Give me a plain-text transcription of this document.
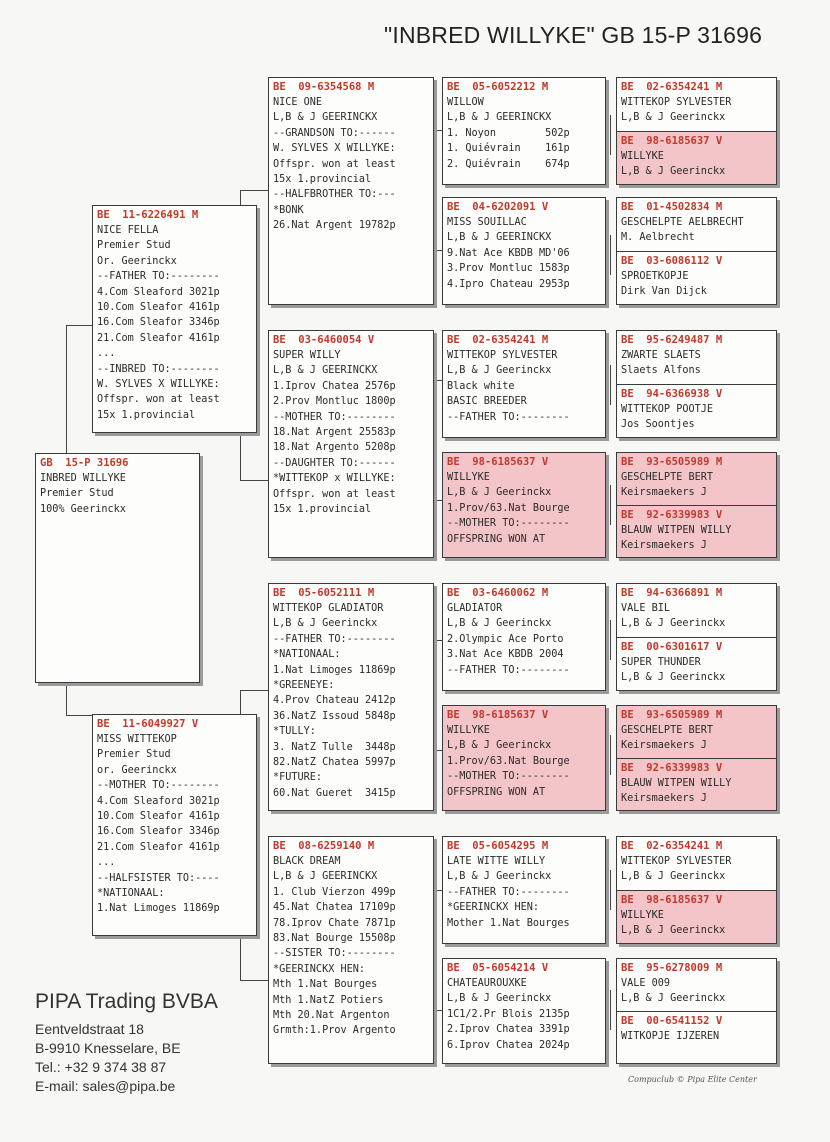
"INBRED WILLYKE" GB 15-P 31696
GB  15-P 31696
INBRED WILLYKE
Premier Stud
100% Geerinckx
BE  11-6226491 M
NICE FELLA
Premier Stud
Or. Geerinckx
--FATHER TO:--------
4.Com Sleaford 3021p
10.Com Sleafor 4161p
16.Com Sleafor 3346p
21.Com Sleafor 4161p
...
--INBRED TO:--------
W. SYLVES X WILLYKE:
Offspr. won at least
15x 1.provincial
BE  11-6049927 V
MISS WITTEKOP
Premier Stud
or. Geerinckx
--MOTHER TO:--------
4.Com Sleaford 3021p
10.Com Sleafor 4161p
16.Com Sleafor 3346p
21.Com Sleafor 4161p
...
--HALFSISTER TO:----
*NATIONAAL:
1.Nat Limoges 11869p
BE  09-6354568 M
NICE ONE
L,B & J GEERINCKX
--GRANDSON TO:------
W. SYLVES X WILLYKE:
Offspr. won at least
15x 1.provincial
--HALFBROTHER TO:---
*BONK
26.Nat Argent 19782p
BE  03-6460054 V
SUPER WILLY
L,B & J GEERINCKX
1.Iprov Chatea 2576p
2.Prov Montluc 1800p
--MOTHER TO:--------
18.Nat Argent 25583p
18.Nat Argento 5208p
--DAUGHTER TO:------
*WITTEKOP x WILLYKE:
Offspr. won at least
15x 1.provincial
BE  05-6052111 M
WITTEKOP GLADIATOR
L,B & J Geerinckx
--FATHER TO:--------
*NATIONAAL:
1.Nat Limoges 11869p
*GREENEYE:
4.Prov Chateau 2412p
36.NatZ Issoud 5848p
*TULLY:
3. NatZ Tulle  3448p
82.NatZ Chatea 5997p
*FUTURE:
60.Nat Gueret  3415p
BE  08-6259140 M
BLACK DREAM
L,B & J GEERINCKX
1. Club Vierzon 499p
45.Nat Chatea 17109p
78.Iprov Chate 7871p
83.Nat Bourge 15508p
--SISTER TO:--------
*GEERINCKX HEN:
Mth 1.Nat Bourges
Mth 1.NatZ Potiers
Mth 20.Nat Argenton
Grmth:1.Prov Argento
BE  05-6052212 M
WILLOW
L,B & J GEERINCKX
1. Noyon        502p
1. Quiévrain    161p
2. Quiévrain    674p
BE  04-6202091 V
MISS SOUILLAC
L,B & J GEERINCKX
9.Nat Ace KBDB MD'06
3.Prov Montluc 1583p
4.Ipro Chateau 2953p
BE  02-6354241 M
WITTEKOP SYLVESTER
L,B & J Geerinckx
Black white
BASIC BREEDER
--FATHER TO:--------
BE  98-6185637 V
WILLYKE
L,B & J Geerinckx
1.Prov/63.Nat Bourge
--MOTHER TO:--------
OFFSPRING WON AT
BE  03-6460062 M
GLADIATOR
L,B & J Geerinckx
2.Olympic Ace Porto
3.Nat Ace KBDB 2004
--FATHER TO:--------
BE  98-6185637 V
WILLYKE
L,B & J Geerinckx
1.Prov/63.Nat Bourge
--MOTHER TO:--------
OFFSPRING WON AT
BE  05-6054295 M
LATE WITTE WILLY
L,B & J Geerinckx
--FATHER TO:--------
*GEERINCKX HEN:
Mother 1.Nat Bourges
BE  05-6054214 V
CHATEAUROUXKE
L,B & J Geerinckx
1C1/2.Pr Blois 2135p
2.Iprov Chatea 3391p
6.Iprov Chatea 2024p
BE  02-6354241 M
WITTEKOP SYLVESTER
L,B & J Geerinckx
BE  98-6185637 V
WILLYKE
L,B & J Geerinckx
BE  01-4502834 M
GESCHELPTE AELBRECHT
M. Aelbrecht
BE  03-6086112 V
SPROETKOPJE
Dirk Van Dijck
BE  95-6249487 M
ZWARTE SLAETS
Slaets Alfons
BE  94-6366938 V
WITTEKOP POOTJE
Jos Soontjes
BE  93-6505989 M
GESCHELPTE BERT
Keirsmaekers J
BE  92-6339983 V
BLAUW WITPEN WILLY
Keirsmaekers J
BE  94-6366891 M
VALE BIL
L,B & J Geerinckx
BE  00-6301617 V
SUPER THUNDER
L,B & J Geerinckx
BE  93-6505989 M
GESCHELPTE BERT
Keirsmaekers J
BE  92-6339983 V
BLAUW WITPEN WILLY
Keirsmaekers J
BE  02-6354241 M
WITTEKOP SYLVESTER
L,B & J Geerinckx
BE  98-6185637 V
WILLYKE
L,B & J Geerinckx
BE  95-6278009 M
VALE 009
L,B & J Geerinckx
BE  00-6541152 V
WITKOPJE IJZEREN
PIPA Trading BVBA
Eentveldstraat 18
B-9910 Knesselare, BE
Tel.: +32 9 374 38 87
E-mail: sales@pipa.be	Compuclub © Pipa Elite Center
